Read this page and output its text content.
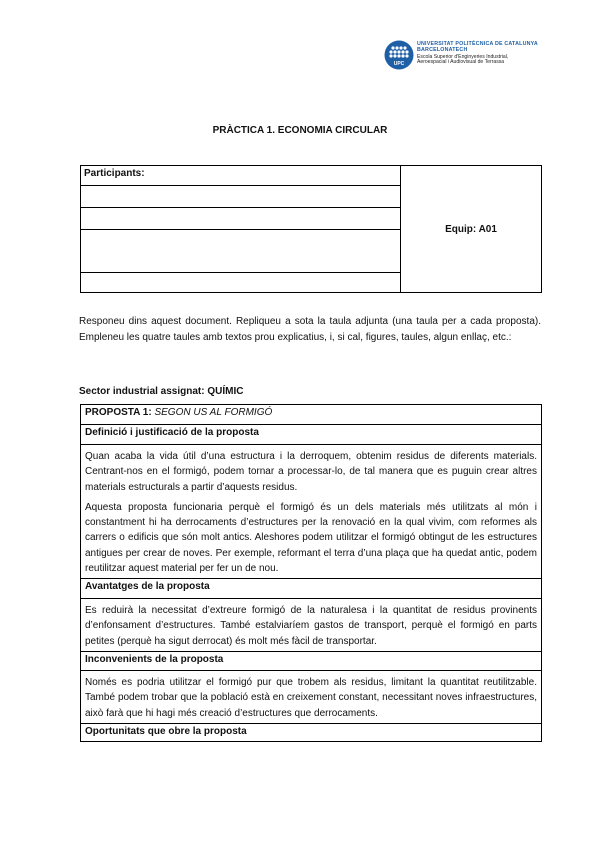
UPC
UNIVERSITAT POLITÈCNICA DE CATALUNYA
BARCELONATECH
Escola Superior d'Enginyeries Industrial,
Aeroespacial i Audiovisual de Terrassa
PRÀCTICA 1. ECONOMIA CIRCULAR
Participants:
Equip: A01
Responeu dins aquest document. Repliqueu a sota la taula adjunta (una taula per a cada proposta). Empleneu les quatre taules amb textos prou explicatius, i, si cal, figures, taules, algun enllaç, etc.:
Sector industrial assignat: QUÍMIC
PROPOSTA 1: SEGON US AL FORMIGÓ
Definició i justificació de la proposta

Quan acaba la vida útil d’una estructura i la derroquem, obtenim residus de diferents materials. Centrant-nos en el formigó, podem tornar a processar-lo, de tal manera que es puguin crear altres materials estructurals a partir d’aquests residus.

Aquesta proposta funcionaria perquè el formigó és un dels materials més utilitzats al món i constantment hi ha derrocaments d’estructures per la renovació en la qual vivim, com reformes als carrers o edificis que són molt antics. Aleshores podem utilitzar el formigó obtingut de les estructures antigues per crear de noves. Per exemple, reformant el terra d’una plaça que ha quedat antic, podem reutilitzar aquest material per fer un de nou.

Avantatges de la proposta

Es reduirà la necessitat d’extreure formigó de la naturalesa i la quantitat de residus provinents d’enfonsament d’estructures. També estalviaríem gastos de transport, perquè el formigó en parts petites (perquè ha sigut derrocat) és molt més fàcil de transportar.

Inconvenients de la proposta

Només es podria utilitzar el formigó pur que trobem als residus, limitant la quantitat reutilitzable. També podem trobar que la població està en creixement constant, necessitant noves infraestructures, això farà que hi hagi més creació d’estructures que derrocaments.

Oportunitats que obre la proposta
